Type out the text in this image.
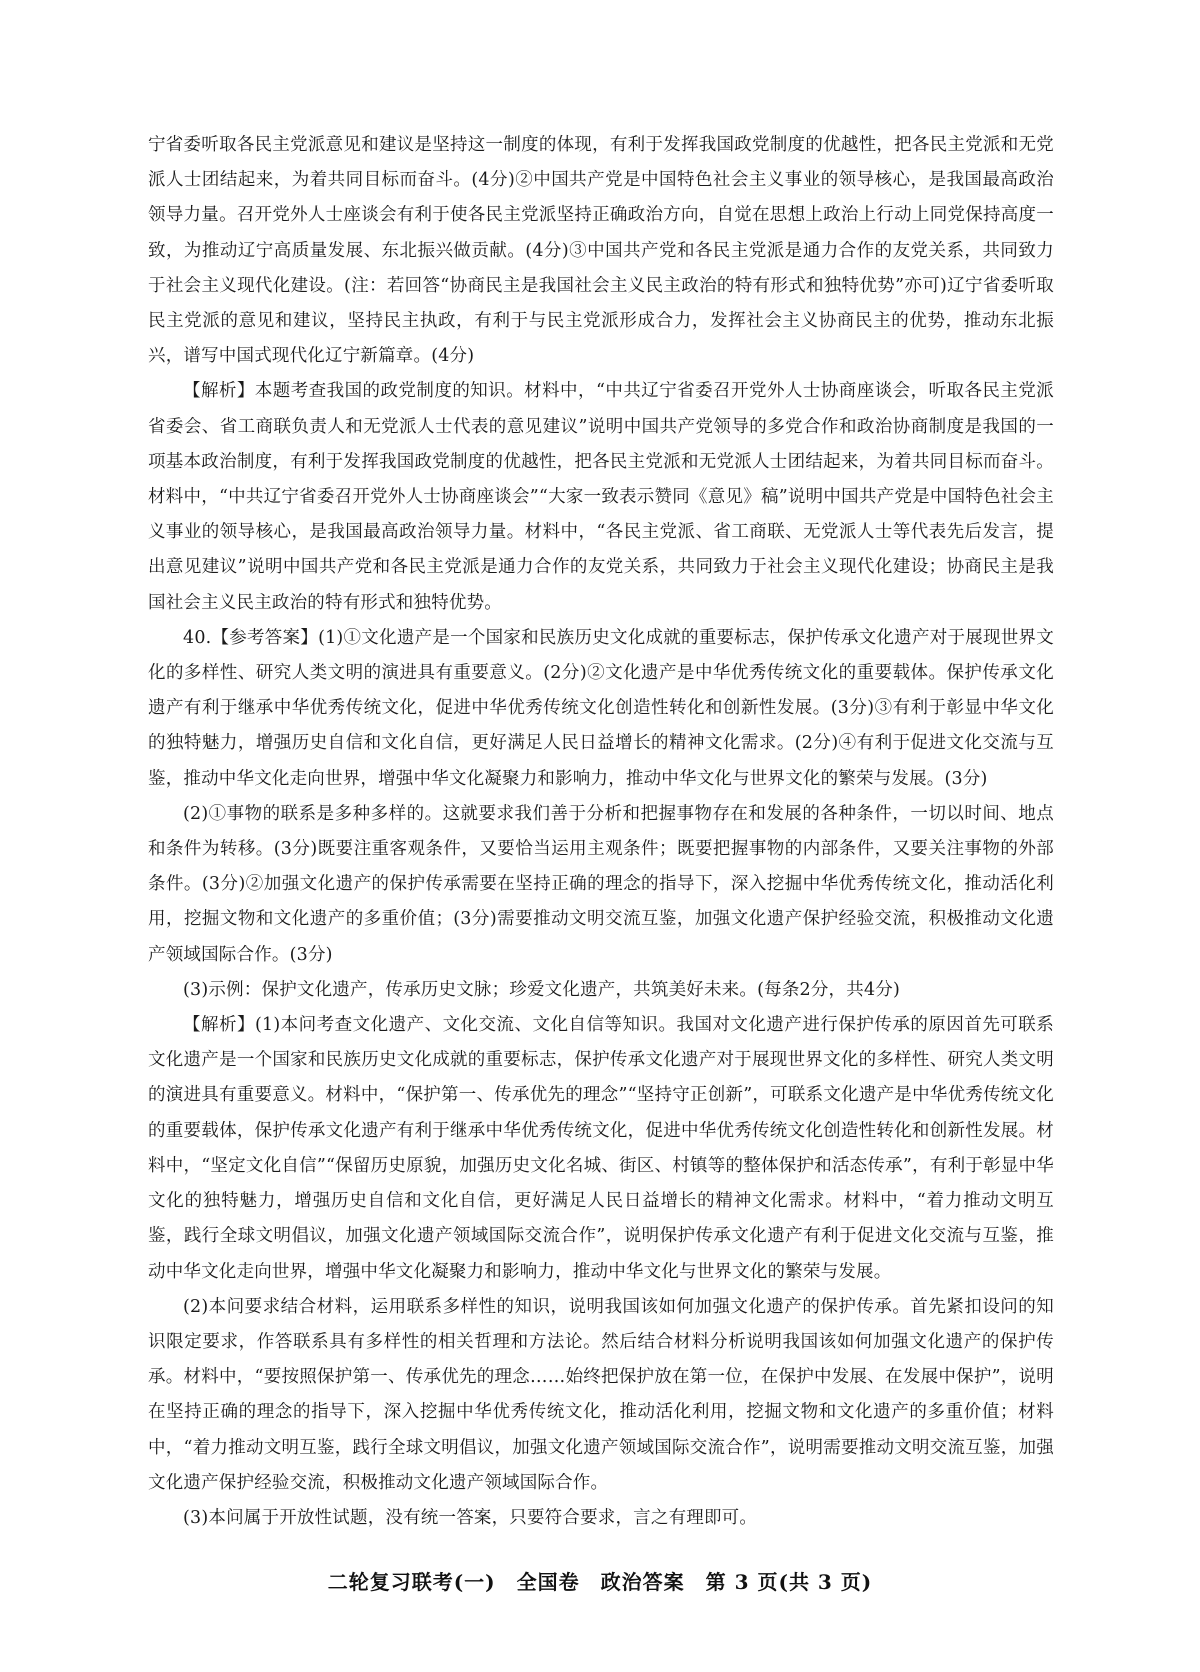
宁省委听取各民主党派意见和建议是坚持这一制度的体现，有利于发挥我国政党制度的优越性，把各民主党派和无党派人士团结起来，为着共同目标而奋斗。(4分)②中国共产党是中国特色社会主义事业的领导核心，是我国最高政治领导力量。召开党外人士座谈会有利于使各民主党派坚持正确政治方向，自觉在思想上政治上行动上同党保持高度一致，为推动辽宁高质量发展、东北振兴做贡献。(4分)③中国共产党和各民主党派是通力合作的友党关系，共同致力于社会主义现代化建设。(注：若回答“协商民主是我国社会主义民主政治的特有形式和独特优势”亦可)辽宁省委听取民主党派的意见和建议，坚持民主执政，有利于与民主党派形成合力，发挥社会主义协商民主的优势，推动东北振兴，谱写中国式现代化辽宁新篇章。(4分)

【解析】本题考查我国的政党制度的知识。材料中，“中共辽宁省委召开党外人士协商座谈会，听取各民主党派省委会、省工商联负责人和无党派人士代表的意见建议”说明中国共产党领导的多党合作和政治协商制度是我国的一项基本政治制度，有利于发挥我国政党制度的优越性，把各民主党派和无党派人士团结起来，为着共同目标而奋斗。材料中，“中共辽宁省委召开党外人士协商座谈会”“大家一致表示赞同《意见》稿”说明中国共产党是中国特色社会主义事业的领导核心，是我国最高政治领导力量。材料中，“各民主党派、省工商联、无党派人士等代表先后发言，提出意见建议”说明中国共产党和各民主党派是通力合作的友党关系，共同致力于社会主义现代化建设；协商民主是我国社会主义民主政治的特有形式和独特优势。

40.【参考答案】(1)①文化遗产是一个国家和民族历史文化成就的重要标志，保护传承文化遗产对于展现世界文化的多样性、研究人类文明的演进具有重要意义。(2分)②文化遗产是中华优秀传统文化的重要载体。保护传承文化遗产有利于继承中华优秀传统文化，促进中华优秀传统文化创造性转化和创新性发展。(3分)③有利于彰显中华文化的独特魅力，增强历史自信和文化自信，更好满足人民日益增长的精神文化需求。(2分)④有利于促进文化交流与互鉴，推动中华文化走向世界，增强中华文化凝聚力和影响力，推动中华文化与世界文化的繁荣与发展。(3分)

(2)①事物的联系是多种多样的。这就要求我们善于分析和把握事物存在和发展的各种条件，一切以时间、地点和条件为转移。(3分)既要注重客观条件，又要恰当运用主观条件；既要把握事物的内部条件，又要关注事物的外部条件。(3分)②加强文化遗产的保护传承需要在坚持正确的理念的指导下，深入挖掘中华优秀传统文化，推动活化利用，挖掘文物和文化遗产的多重价值；(3分)需要推动文明交流互鉴，加强文化遗产保护经验交流，积极推动文化遗产领域国际合作。(3分)

(3)示例：保护文化遗产，传承历史文脉；珍爱文化遗产，共筑美好未来。(每条2分，共4分)

【解析】(1)本问考查文化遗产、文化交流、文化自信等知识。我国对文化遗产进行保护传承的原因首先可联系文化遗产是一个国家和民族历史文化成就的重要标志，保护传承文化遗产对于展现世界文化的多样性、研究人类文明的演进具有重要意义。材料中，“保护第一、传承优先的理念”“坚持守正创新”，可联系文化遗产是中华优秀传统文化的重要载体，保护传承文化遗产有利于继承中华优秀传统文化，促进中华优秀传统文化创造性转化和创新性发展。材料中，“坚定文化自信”“保留历史原貌，加强历史文化名城、街区、村镇等的整体保护和活态传承”，有利于彰显中华文化的独特魅力，增强历史自信和文化自信，更好满足人民日益增长的精神文化需求。材料中，“着力推动文明互鉴，践行全球文明倡议，加强文化遗产领域国际交流合作”，说明保护传承文化遗产有利于促进文化交流与互鉴，推动中华文化走向世界，增强中华文化凝聚力和影响力，推动中华文化与世界文化的繁荣与发展。

(2)本问要求结合材料，运用联系多样性的知识，说明我国该如何加强文化遗产的保护传承。首先紧扣设问的知识限定要求，作答联系具有多样性的相关哲理和方法论。然后结合材料分析说明我国该如何加强文化遗产的保护传承。材料中，“要按照保护第一、传承优先的理念……始终把保护放在第一位，在保护中发展、在发展中保护”，说明在坚持正确的理念的指导下，深入挖掘中华优秀传统文化，推动活化利用，挖掘文物和文化遗产的多重价值；材料中，“着力推动文明互鉴，践行全球文明倡议，加强文化遗产领域国际交流合作”，说明需要推动文明交流互鉴，加强文化遗产保护经验交流，积极推动文化遗产领域国际合作。

(3)本问属于开放性试题，没有统一答案，只要符合要求，言之有理即可。

二轮复习联考(一)　全国卷　政治答案　第 3 页(共 3 页)
